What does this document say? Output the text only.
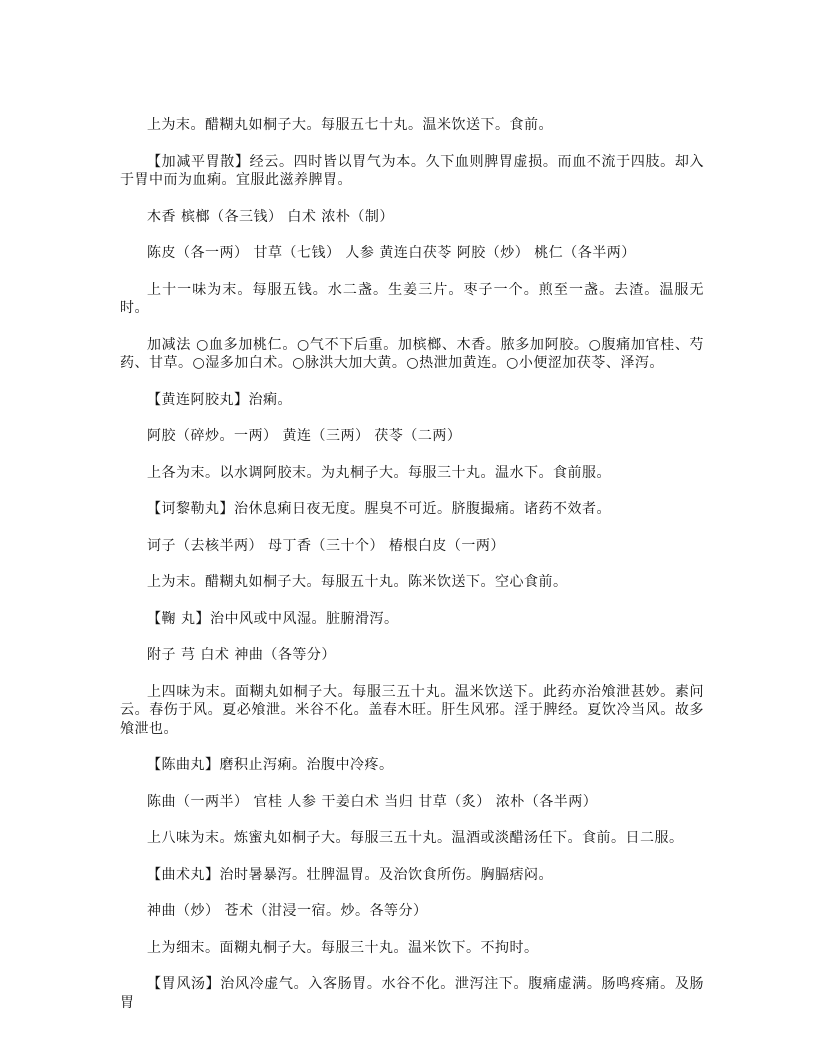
上为末。醋糊丸如桐子大。每服五七十丸。温米饮送下。食前。

【加减平胃散】经云。四时皆以胃气为本。久下血则脾胃虚损。而血不流于四肢。却入于胃中而为血痢。宜服此滋养脾胃。

木香 槟榔（各三钱） 白术 浓朴（制）

陈皮（各一两） 甘草（七钱） 人参 黄连白茯苓 阿胶（炒） 桃仁（各半两）

上十一味为末。每服五钱。水二盏。生姜三片。枣子一个。煎至一盏。去渣。温服无时。

加减法 ○血多加桃仁。○气不下后重。加槟榔、木香。脓多加阿胶。○腹痛加官桂、芍药、甘草。○湿多加白术。○脉洪大加大黄。○热泄加黄连。○小便涩加茯苓、泽泻。

【黄连阿胶丸】治痢。

阿胶（碎炒。一两） 黄连（三两） 茯苓（二两）

上各为末。以水调阿胶末。为丸桐子大。每服三十丸。温水下。食前服。

【诃黎勒丸】治休息痢日夜无度。腥臭不可近。脐腹撮痛。诸药不效者。

诃子（去核半两） 母丁香（三十个） 椿根白皮（一两）

上为末。醋糊丸如桐子大。每服五十丸。陈米饮送下。空心食前。

【鞠 丸】治中风或中风湿。脏腑滑泻。

附子 芎 白术 神曲（各等分）

上四味为末。面糊丸如桐子大。每服三五十丸。温米饮送下。此药亦治飧泄甚妙。素问云。春伤于风。夏必飧泄。米谷不化。盖春木旺。肝生风邪。淫于脾经。夏饮冷当风。故多飧泄也。

【陈曲丸】磨积止泻痢。治腹中冷疼。

陈曲（一两半） 官桂 人参 干姜白术 当归 甘草（炙） 浓朴（各半两）

上八味为末。炼蜜丸如桐子大。每服三五十丸。温酒或淡醋汤任下。食前。日二服。

【曲术丸】治时暑暴泻。壮脾温胃。及治饮食所伤。胸膈痞闷。

神曲（炒） 苍术（泔浸一宿。炒。各等分）

上为细末。面糊丸桐子大。每服三十丸。温米饮下。不拘时。

【胃风汤】治风冷虚气。入客肠胃。水谷不化。泄泻注下。腹痛虚满。肠鸣疼痛。及肠胃
